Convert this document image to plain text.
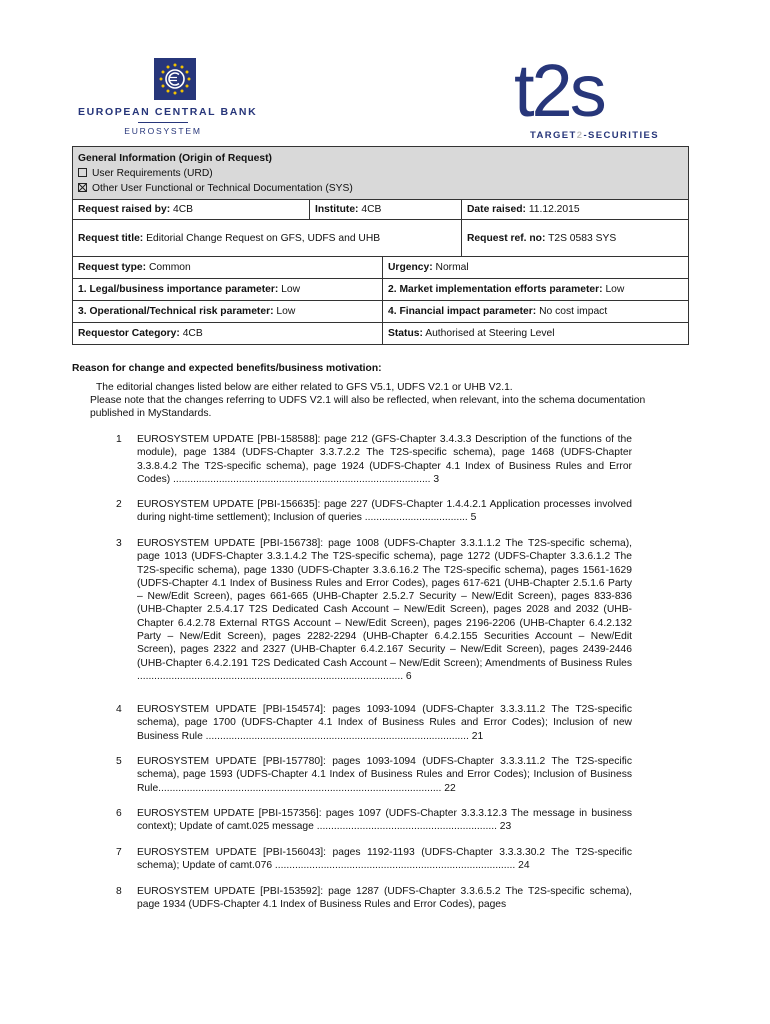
EUROPEAN CENTRAL BANK
EUROSYSTEM	t2s
TARGET2-SECURITIES
General Information (Origin of Request)
User Requirements (URD)
Other User Functional or Technical Documentation (SYS)			

Request raised by: 4CB	Institute: 4CB		Date raised: 11.12.2015
Request title: Editorial Change Request on GFS, UDFS and UHB			Request ref. no: T2S 0583 SYS
Request type: Common		Urgency: Normal	
1. Legal/business importance parameter: Low		2. Market implementation efforts parameter: Low	
3. Operational/Technical risk parameter: Low		4. Financial impact parameter: No cost impact	
Requestor Category: 4CB		Status: Authorised at Steering Level	
Reason for change and expected benefits/business motivation:
The editorial changes listed below are either related to GFS V5.1, UDFS V2.1 or UHB V2.1.
Please note that the changes referring to UDFS V2.1 will also be reflected, when relevant, into the schema documentation published in MyStandards.
1 EUROSYSTEM UPDATE [PBI-158588]: page 212 (GFS-Chapter 3.4.3.3 Description of the functions of the module), page 1384 (UDFS-Chapter 3.3.7.2.2 The T2S-specific schema), page 1468 (UDFS-Chapter 3.3.8.4.2 The T2S-specific schema), page 1924 (UDFS-Chapter 4.1 Index of Business Rules and Error Codes) .......................................................................................... 3
2 EUROSYSTEM UPDATE [PBI-156635]: page 227 (UDFS-Chapter 1.4.4.2.1 Application processes involved during night-time settlement); Inclusion of queries .................................... 5
3 EUROSYSTEM UPDATE [PBI-156738]: page 1008 (UDFS-Chapter 3.3.1.1.2 The T2S-specific schema), page 1013 (UDFS-Chapter 3.3.1.4.2 The T2S-specific schema), page 1272 (UDFS-Chapter 3.3.6.1.2 The T2S-specific schema), page 1330 (UDFS-Chapter 3.3.6.16.2 The T2S-specific schema), pages 1561-1629 (UDFS-Chapter 4.1 Index of Business Rules and Error Codes), pages 617-621 (UHB-Chapter 2.5.1.6 Party – New/Edit Screen), pages 661-665 (UHB-Chapter 2.5.2.7 Security – New/Edit Screen), pages 833-836 (UHB-Chapter 2.5.4.17 T2S Dedicated Cash Account – New/Edit Screen), pages 2028 and 2032 (UHB-Chapter 6.4.2.78 External RTGS Account – New/Edit Screen), pages 2196-2206 (UHB-Chapter 6.4.2.132 Party – New/Edit Screen), pages 2282-2294 (UHB-Chapter 6.4.2.155 Securities Account – New/Edit Screen), pages 2322 and 2327 (UHB-Chapter 6.4.2.167 Security – New/Edit Screen), pages 2439-2446 (UHB-Chapter 6.4.2.191 T2S Dedicated Cash Account – New/Edit Screen); Amendments of Business Rules ............................................................................................. 6
4 EUROSYSTEM UPDATE [PBI-154574]: pages 1093-1094 (UDFS-Chapter 3.3.3.11.2 The T2S-specific schema), page 1700 (UDFS-Chapter 4.1 Index of Business Rules and Error Codes); Inclusion of new Business Rule ............................................................................................ 21
5 EUROSYSTEM UPDATE [PBI-157780]: pages 1093-1094 (UDFS-Chapter 3.3.3.11.2 The T2S-specific schema), page 1593 (UDFS-Chapter 4.1 Index of Business Rules and Error Codes); Inclusion of Business Rule................................................................................................... 22
6 EUROSYSTEM UPDATE [PBI-157356]: pages 1097 (UDFS-Chapter 3.3.3.12.3 The message in business context); Update of camt.025 message ............................................................... 23
7 EUROSYSTEM UPDATE [PBI-156043]: pages 1192-1193 (UDFS-Chapter 3.3.3.30.2 The T2S-specific schema); Update of camt.076 .................................................................................... 24
8 EUROSYSTEM UPDATE [PBI-153592]: page 1287 (UDFS-Chapter 3.3.6.5.2 The T2S-specific schema), page 1934 (UDFS-Chapter 4.1 Index of Business Rules and Error Codes), pages
